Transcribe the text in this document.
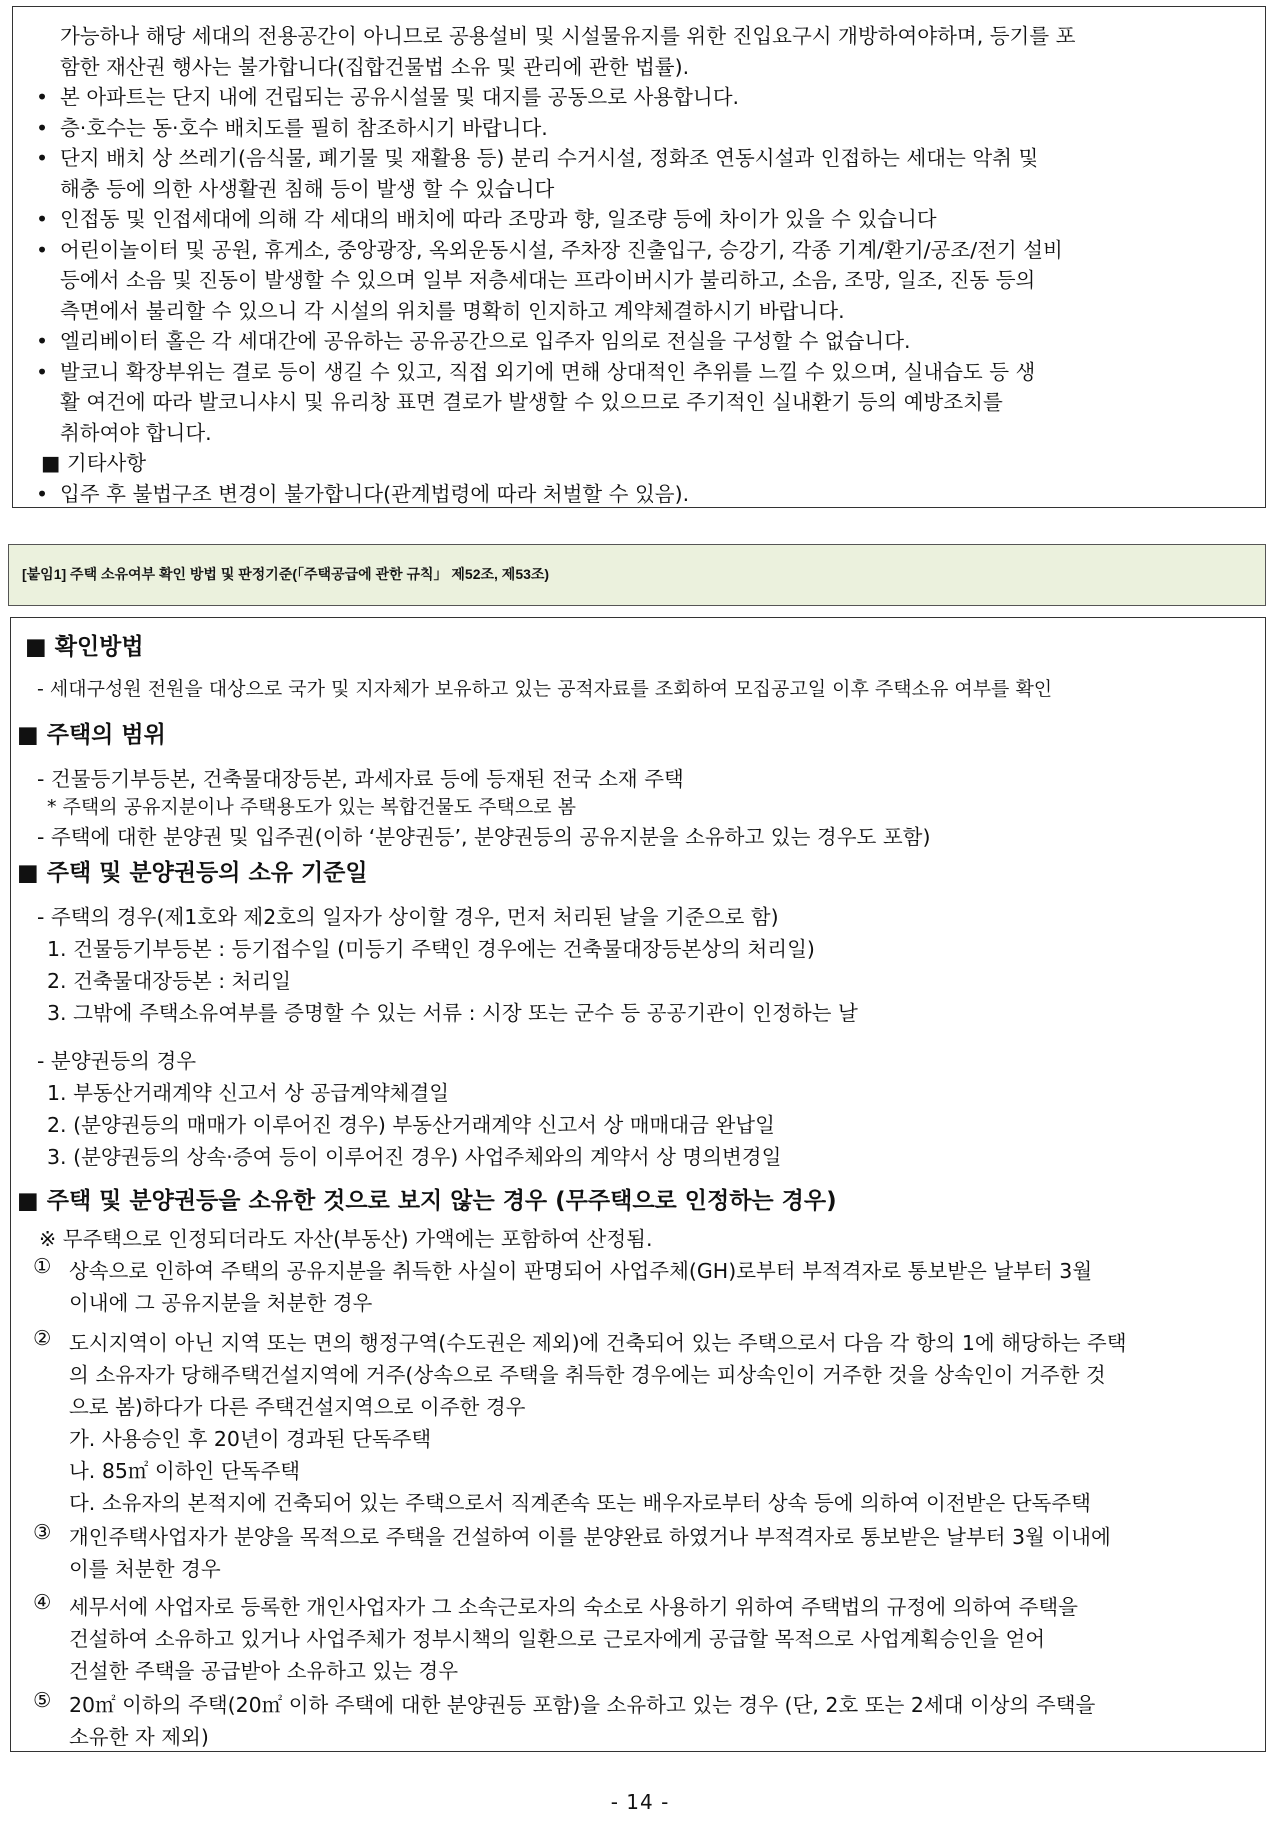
가능하나 해당 세대의 전용공간이 아니므로 공용설비 및 시설물유지를 위한 진입요구시 개방하여야하며, 등기를 포
함한 재산권 행사는 불가합니다(집합건물법 소유 및 관리에 관한 법률).
• 본 아파트는 단지 내에 건립되는 공유시설물 및 대지를 공동으로 사용합니다.
• 층·호수는 동·호수 배치도를 필히 참조하시기 바랍니다.
• 단지 배치 상 쓰레기(음식물, 폐기물 및 재활용 등) 분리 수거시설, 정화조 연동시설과 인접하는 세대는 악취 및
해충 등에 의한 사생활권 침해 등이 발생 할 수 있습니다
• 인접동 및 인접세대에 의해 각 세대의 배치에 따라 조망과 향, 일조량 등에 차이가 있을 수 있습니다
• 어린이놀이터 및 공원, 휴게소, 중앙광장, 옥외운동시설, 주차장 진출입구, 승강기, 각종 기계/환기/공조/전기 설비
등에서 소음 및 진동이 발생할 수 있으며 일부 저층세대는 프라이버시가 불리하고, 소음, 조망, 일조, 진동 등의
측면에서 불리할 수 있으니 각 시설의 위치를 명확히 인지하고 계약체결하시기 바랍니다.
• 엘리베이터 홀은 각 세대간에 공유하는 공유공간으로 입주자 임의로 전실을 구성할 수 없습니다.
• 발코니 확장부위는 결로 등이 생길 수 있고, 직접 외기에 면해 상대적인 추위를 느낄 수 있으며, 실내습도 등 생
활 여건에 따라 발코니샤시 및 유리창 표면 결로가 발생할 수 있으므로 주기적인 실내환기 등의 예방조치를
취하여야 합니다.
■ 기타사항
• 입주 후 불법구조 변경이 불가합니다(관계법령에 따라 처벌할 수 있음).
[붙임1] 주택 소유여부 확인 방법 및 판정기준(「주택공급에 관한 규칙」 제52조, 제53조)
■ 확인방법
- 세대구성원 전원을 대상으로 국가 및 지자체가 보유하고 있는 공적자료를 조회하여 모집공고일 이후 주택소유 여부를 확인
■ 주택의 범위
- 건물등기부등본, 건축물대장등본, 과세자료 등에 등재된 전국 소재 주택
* 주택의 공유지분이나 주택용도가 있는 복합건물도 주택으로 봄
- 주택에 대한 분양권 및 입주권(이하 ‘분양권등’, 분양권등의 공유지분을 소유하고 있는 경우도 포함)
■ 주택 및 분양권등의 소유 기준일
- 주택의 경우(제1호와 제2호의 일자가 상이할 경우, 먼저 처리된 날을 기준으로 함)
1. 건물등기부등본 : 등기접수일 (미등기 주택인 경우에는 건축물대장등본상의 처리일)
2. 건축물대장등본 : 처리일
3. 그밖에 주택소유여부를 증명할 수 있는 서류 : 시장 또는 군수 등 공공기관이 인정하는 날
- 분양권등의 경우
1. 부동산거래계약 신고서 상 공급계약체결일
2. (분양권등의 매매가 이루어진 경우) 부동산거래계약 신고서 상 매매대금 완납일
3. (분양권등의 상속·증여 등이 이루어진 경우) 사업주체와의 계약서 상 명의변경일
■ 주택 및 분양권등을 소유한 것으로 보지 않는 경우 (무주택으로 인정하는 경우)
※ 무주택으로 인정되더라도 자산(부동산) 가액에는 포함하여 산정됨.
① 상속으로 인하여 주택의 공유지분을 취득한 사실이 판명되어 사업주체(GH)로부터 부적격자로 통보받은 날부터 3월
이내에 그 공유지분을 처분한 경우
② 도시지역이 아닌 지역 또는 면의 행정구역(수도권은 제외)에 건축되어 있는 주택으로서 다음 각 항의 1에 해당하는 주택
의 소유자가 당해주택건설지역에 거주(상속으로 주택을 취득한 경우에는 피상속인이 거주한 것을 상속인이 거주한 것
으로 봄)하다가 다른 주택건설지역으로 이주한 경우
가. 사용승인 후 20년이 경과된 단독주택
나. 85㎡ 이하인 단독주택
다. 소유자의 본적지에 건축되어 있는 주택으로서 직계존속 또는 배우자로부터 상속 등에 의하여 이전받은 단독주택
③ 개인주택사업자가 분양을 목적으로 주택을 건설하여 이를 분양완료 하였거나 부적격자로 통보받은 날부터 3월 이내에
이를 처분한 경우
④ 세무서에 사업자로 등록한 개인사업자가 그 소속근로자의 숙소로 사용하기 위하여 주택법의 규정에 의하여 주택을
건설하여 소유하고 있거나 사업주체가 정부시책의 일환으로 근로자에게 공급할 목적으로 사업계획승인을 얻어
건설한 주택을 공급받아 소유하고 있는 경우
⑤ 20㎡ 이하의 주택(20㎡ 이하 주택에 대한 분양권등 포함)을 소유하고 있는 경우 (단, 2호 또는 2세대 이상의 주택을
소유한 자 제외)
- 14 -
